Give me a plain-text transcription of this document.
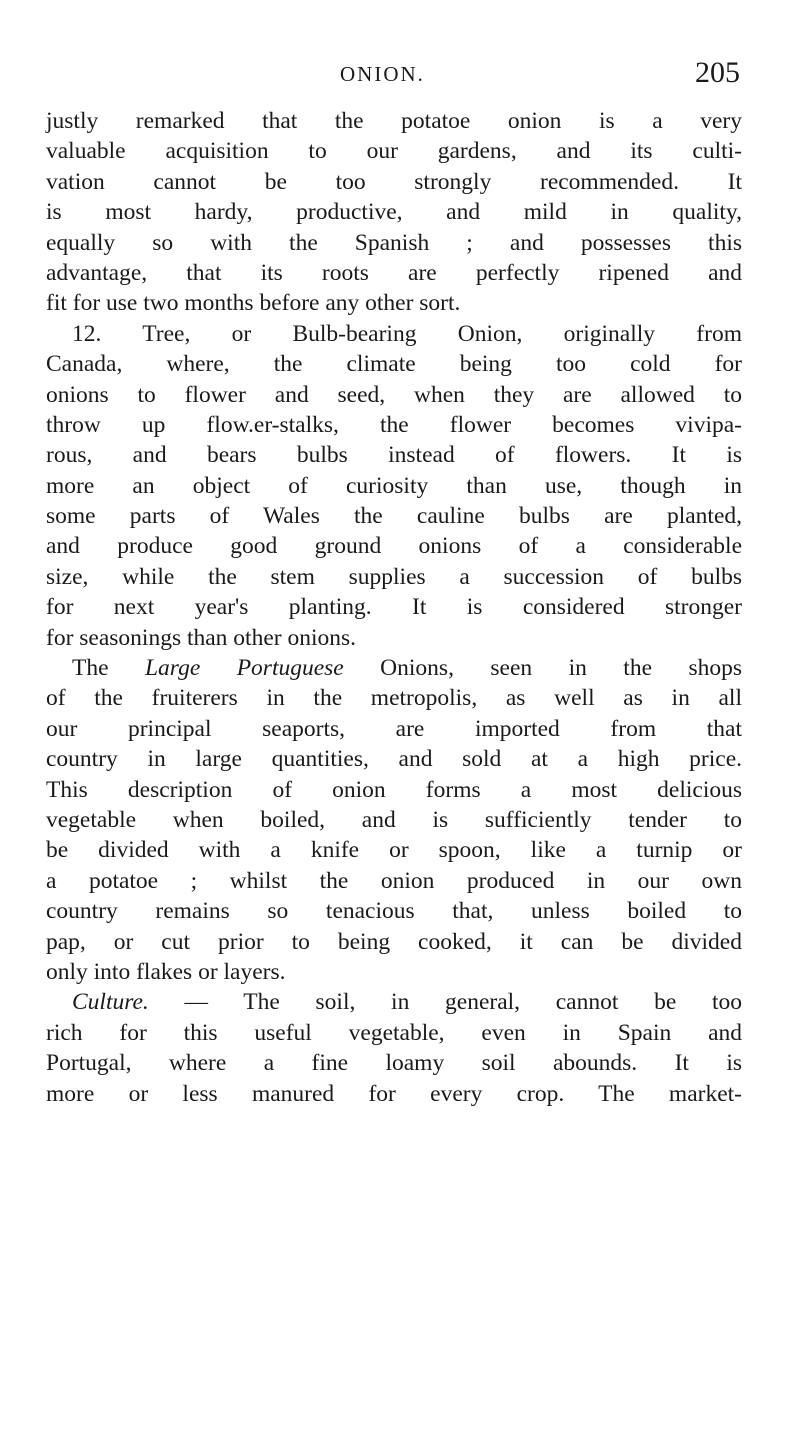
ONION.	205
justly remarked that the potatoe onion is a very
valuable acquisition to our gardens, and its culti-
vation cannot be too strongly recommended. It
is most hardy, productive, and mild in quality,
equally so with the Spanish ; and possesses this
advantage, that its roots are perfectly ripened and
fit for use two months before any other sort.
12. Tree, or Bulb-bearing Onion, originally from
Canada, where, the climate being too cold for
onions to flower and seed, when they are allowed to
throw up flow.er-stalks, the flower becomes vivipa-
rous, and bears bulbs instead of flowers. It is
more an object of curiosity than use, though in
some parts of Wales the cauline bulbs are planted,
and produce good ground onions of a considerable
size, while the stem supplies a succession of bulbs
for next year's planting. It is considered stronger
for seasonings than other onions.
The Large Portuguese Onions, seen in the shops
of the fruiterers in the metropolis, as well as in all
our principal seaports, are imported from that
country in large quantities, and sold at a high price.
This description of onion forms a most delicious
vegetable when boiled, and is sufficiently tender to
be divided with a knife or spoon, like a turnip or
a potatoe ; whilst the onion produced in our own
country remains so tenacious that, unless boiled to
pap, or cut prior to being cooked, it can be divided
only into flakes or layers.
Culture. — The soil, in general, cannot be too
rich for this useful vegetable, even in Spain and
Portugal, where a fine loamy soil abounds. It is
more or less manured for every crop. The market-
